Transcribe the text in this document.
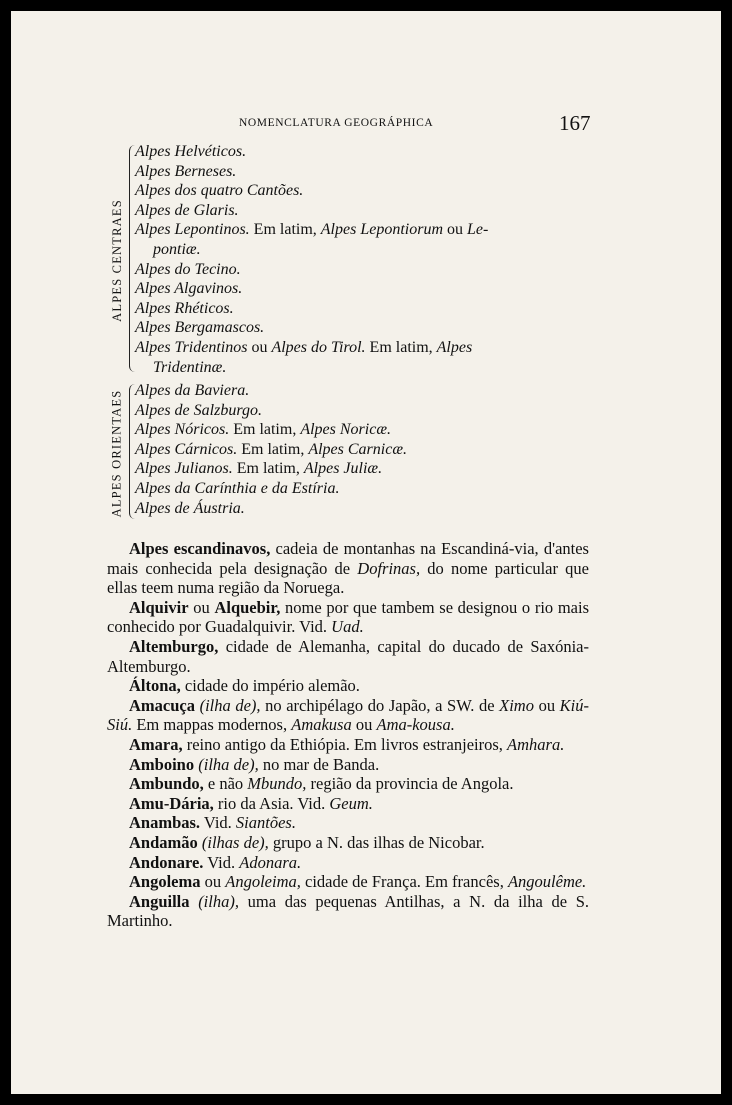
NOMENCLATURA GEOGRÁPHICA	167
ALPES CENTRAES
Alpes Helvéticos.
Alpes Berneses.
Alpes dos quatro Cantões.
Alpes de Glaris.
Alpes Lepontinos. Em latim, Alpes Lepontiorum ou Le-
pontiæ.
Alpes do Tecino.
Alpes Algavinos.
Alpes Rhéticos.
Alpes Bergamascos.
Alpes Tridentinos ou Alpes do Tirol. Em latim, Alpes
Tridentinæ.
ALPES ORIENTAES Alpes da Baviera.
Alpes de Salzburgo.
Alpes Nóricos. Em latim, Alpes Noricæ.
Alpes Cárnicos. Em latim, Alpes Carnicæ.
Alpes Julianos. Em latim, Alpes Juliæ.
Alpes da Carínthia e da Estíria.
Alpes de Áustria.

Alpes escandinavos, cadeia de montanhas na Escandiná-via, d'antes mais conhecida pela designação de Dofrinas, do nome particular que ellas teem numa região da Noruega.

Alquivir ou Alquebir, nome por que tambem se designou o rio mais conhecido por Guadalquivir. Vid. Uad.

Altemburgo, cidade de Alemanha, capital do ducado de Saxónia-Altemburgo.

Áltona, cidade do império alemão.

Amacuça (ilha de), no archipélago do Japão, a SW. de Ximo ou Kiú-Siú. Em mappas modernos, Amakusa ou Ama-kousa.

Amara, reino antigo da Ethiópia. Em livros estranjeiros, Amhara.

Amboino (ilha de), no mar de Banda.

Ambundo, e não Mbundo, região da provincia de Angola.

Amu-Dária, rio da Asia. Vid. Geum.

Anambas. Vid. Siantões.

Andamão (ilhas de), grupo a N. das ilhas de Nicobar.

Andonare. Vid. Adonara.

Angolema ou Angoleima, cidade de França. Em francês, Angoulême.

Anguilla (ilha), uma das pequenas Antilhas, a N. da ilha de S. Martinho.
